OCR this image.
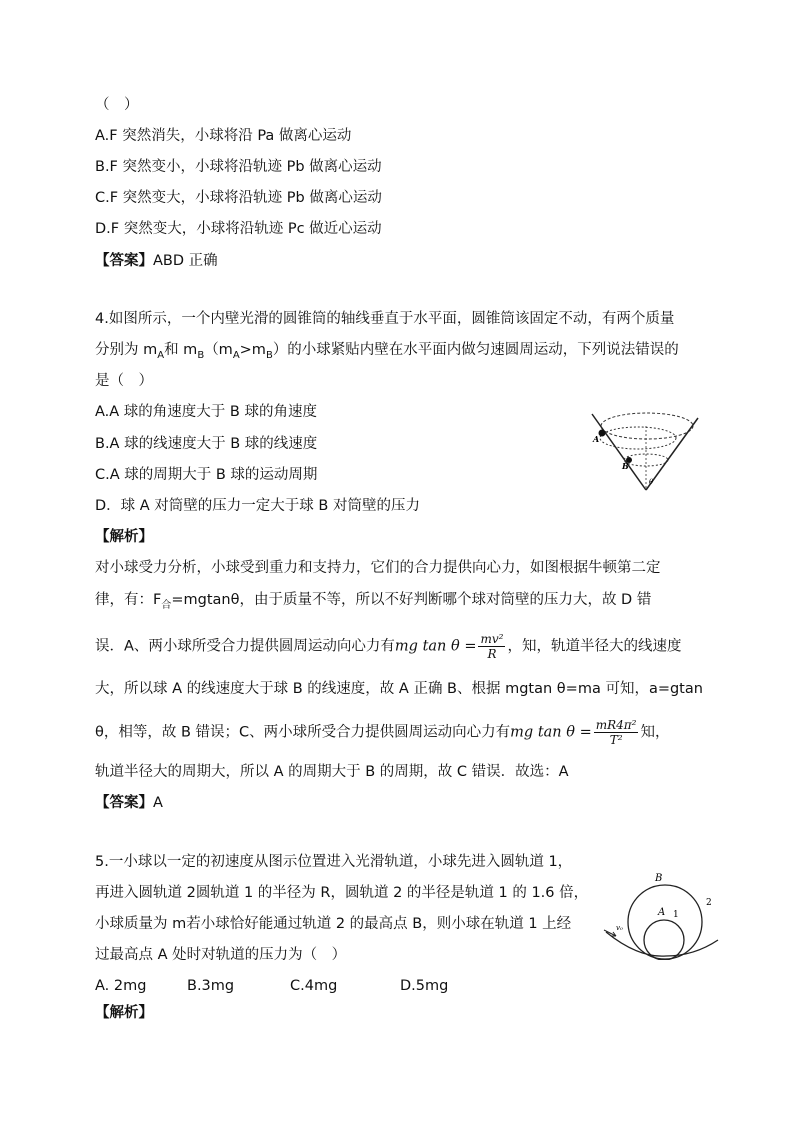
（　）
A.F 突然消失，小球将沿 Pa 做离心运动
B.F 突然变小，小球将沿轨迹 Pb 做离心运动
C.F 突然变大，小球将沿轨迹 Pb 做离心运动
D.F 突然变大，小球将沿轨迹 Pc 做近心运动
【答案】ABD 正确
4.如图所示，一个内壁光滑的圆锥筒的轴线垂直于水平面，圆锥筒该固定不动，有两个质量
分别为 $m_A$和 $m_B(m_A>m_B)$的小球紧贴内壁在水平面内做匀速圆周运动，下列说法错误的
是（　）
A.A 球的角速度大于 B 球的角速度
B.A 球的线速度大于 B 球的线速度
C.A 球的周期大于 B 球的运动周期
D．球 A 对筒壁的压力一定大于球 B 对筒壁的压力
【解析】
对小球受力分析，小球受到重力和支持力，它们的合力提供向心力，如图根据牛顿第二定
律，有：$F_合=mgtan\theta$，由于质量不等，所以不好判断哪个球对筒壁的压力大，故 D 错
误．A、两小球所受合力提供圆周运动向心力有mg $\tan \theta = \frac{\text{mv²}}{R}$ ，知，轨道半径大的线速度
大，所以球 A 的线速度大于球 B 的线速度，故 A 正确 B、根据 mgtan θ=ma 可知，a=gtan
θ，相等，故 B 错误；C、两小球所受合力提供圆周运动向心力有mg $\tan \theta = \frac{\text{mR4π²}}{\text{T²}}$ 知，
轨道半径大的周期大，所以 A 的周期大于 B 的周期，故 C 错误．故选：A
【答案】A
A
B
θ
5.一小球以一定的初速度从图示位置进入光滑轨道，小球先进入圆轨道 1，
再进入圆轨道 2圆轨道 1 的半径为 R，圆轨道 2 的半径是轨道 1 的 1.6 倍，
小球质量为 m若小球恰好能通过轨道 2 的最高点 B，则小球在轨道 1 上经
过最高点 A 处时对轨道的压力为（　）
A. 2mg	B.3mg	C.4mg	D.5mg
【解析】
B
A 1
2
v₀
